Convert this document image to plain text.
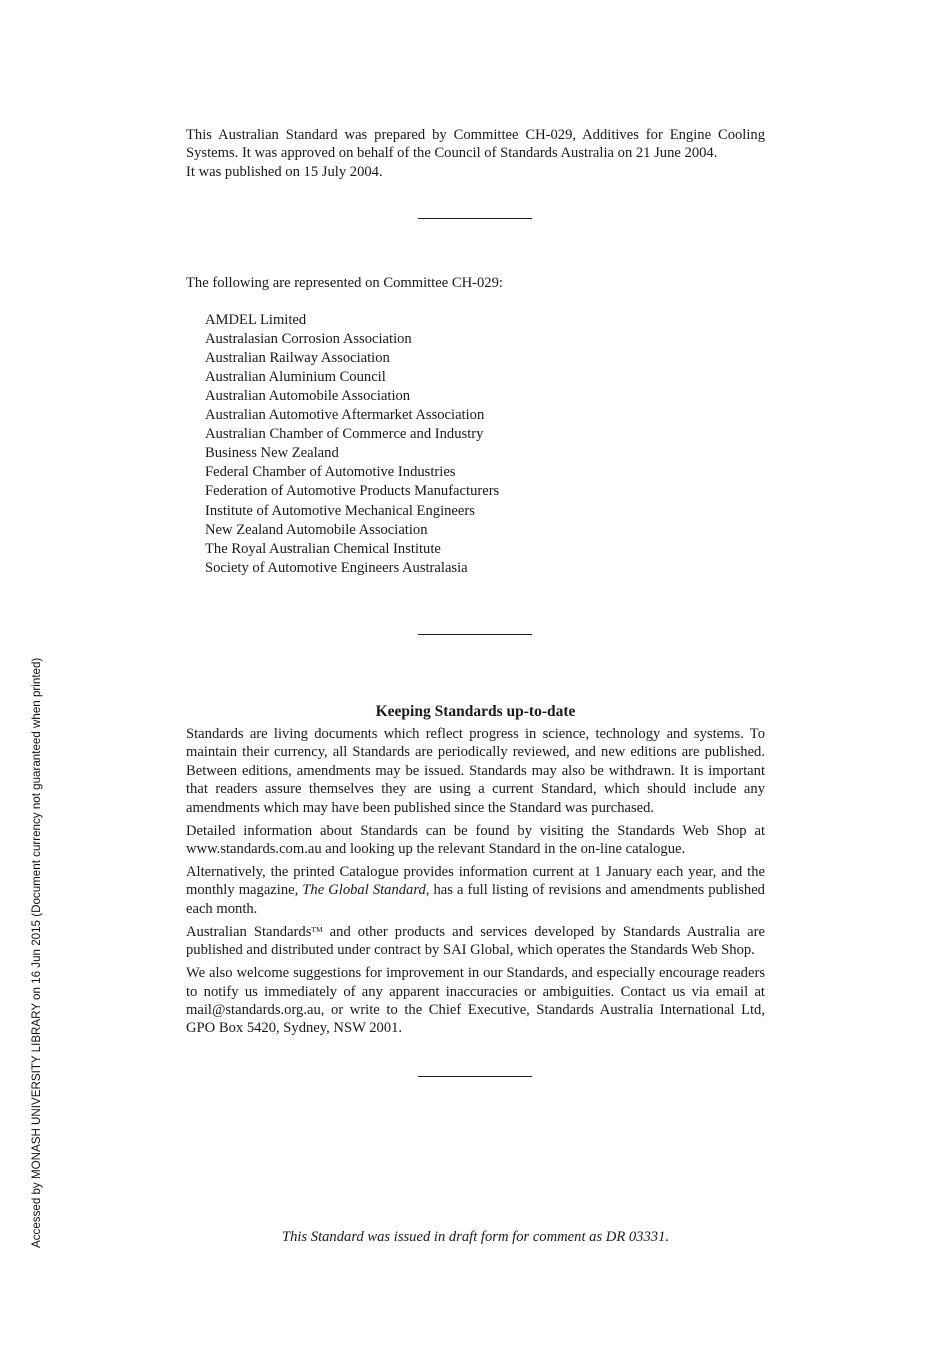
This Australian Standard was prepared by Committee CH-029, Additives for Engine Cooling Systems. It was approved on behalf of the Council of Standards Australia on 21 June 2004.

It was published on 15 July 2004.

The following are represented on Committee CH-029:

AMDEL Limited
Australasian Corrosion Association
Australian Railway Association
Australian Aluminium Council
Australian Automobile Association
Australian Automotive Aftermarket Association
Australian Chamber of Commerce and Industry
Business New Zealand
Federal Chamber of Automotive Industries
Federation of Automotive Products Manufacturers
Institute of Automotive Mechanical Engineers
New Zealand Automobile Association
The Royal Australian Chemical Institute
Society of Automotive Engineers Australasia
Keeping Standards up-to-date

Standards are living documents which reflect progress in science, technology and systems. To maintain their currency, all Standards are periodically reviewed, and new editions are published. Between editions, amendments may be issued. Standards may also be withdrawn. It is important that readers assure themselves they are using a current Standard, which should include any amendments which may have been published since the Standard was purchased.

Detailed information about Standards can be found by visiting the Standards Web Shop at www.standards.com.au and looking up the relevant Standard in the on-line catalogue.

Alternatively, the printed Catalogue provides information current at 1 January each year, and the monthly magazine, The Global Standard, has a full listing of revisions and amendments published each month.

Australian Standards™ and other products and services developed by Standards Australia are published and distributed under contract by SAI Global, which operates the Standards Web Shop.

We also welcome suggestions for improvement in our Standards, and especially encourage readers to notify us immediately of any apparent inaccuracies or ambiguities. Contact us via email at mail@standards.org.au, or write to the Chief Executive, Standards Australia International Ltd, GPO Box 5420, Sydney, NSW 2001.

This Standard was issued in draft form for comment as DR 03331.
Accessed by MONASH UNIVERSITY LIBRARY on 16 Jun 2015 (Document currency not guaranteed when printed)
